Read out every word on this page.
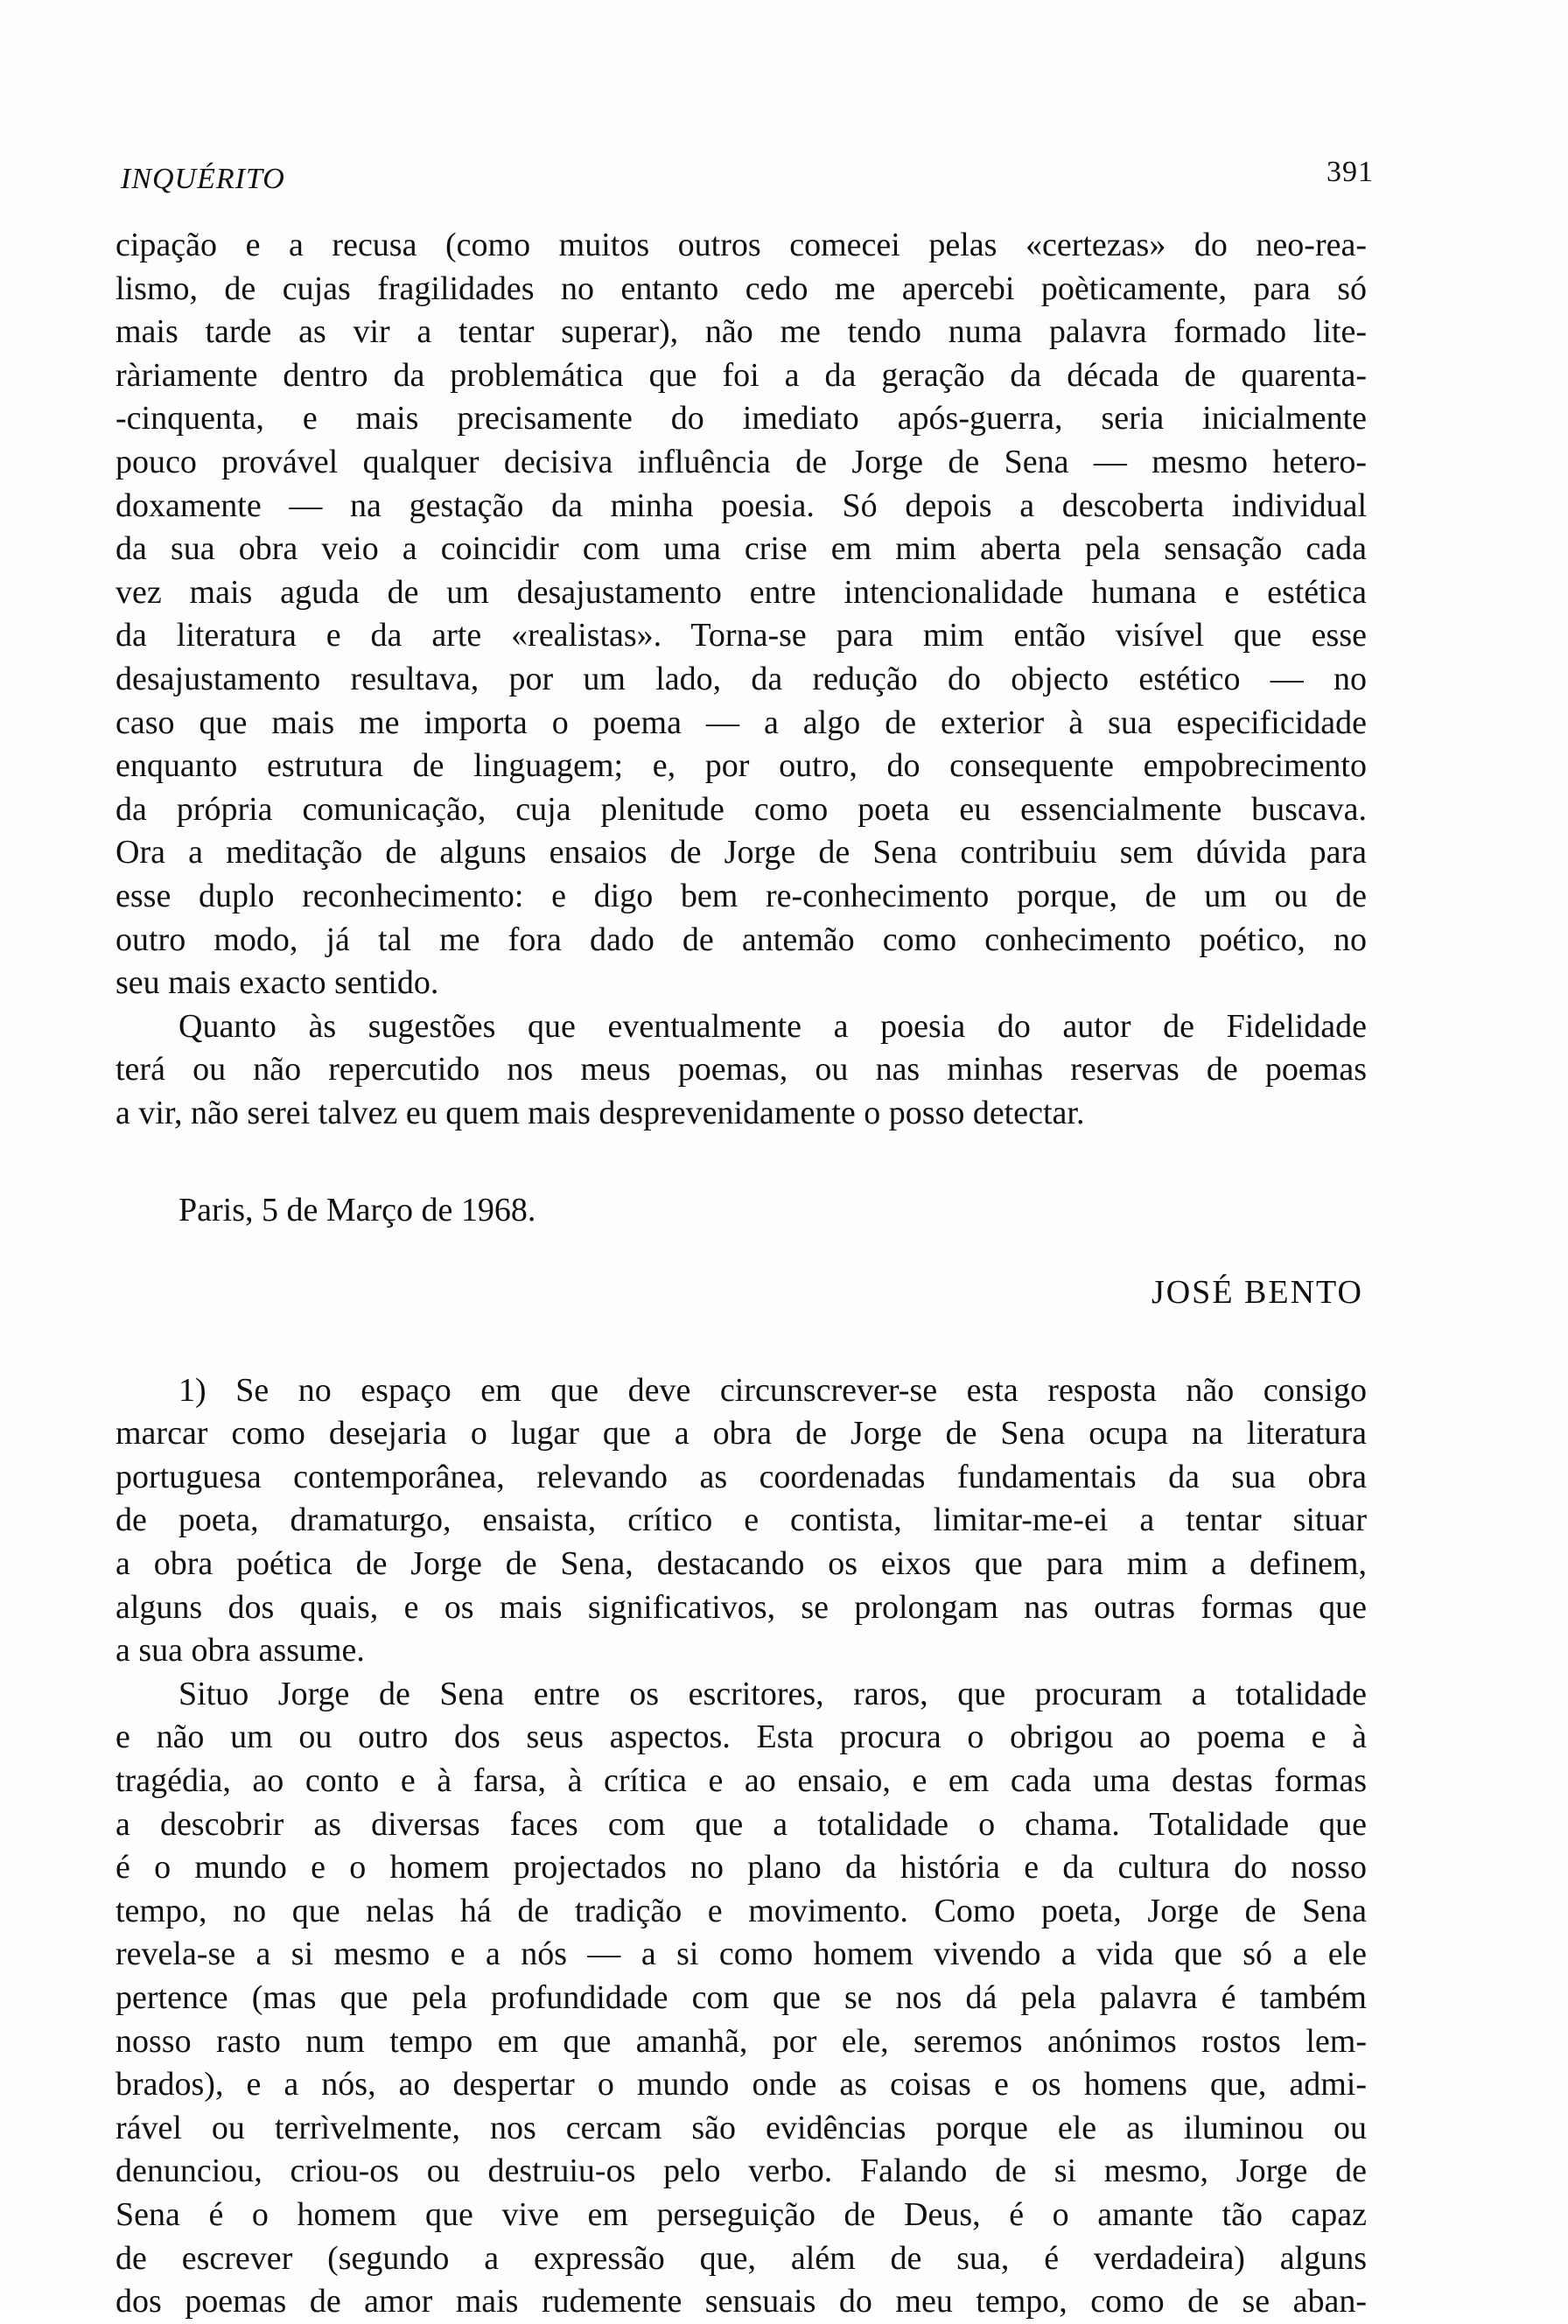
INQUÉRITO	391
cipação e a recusa (como muitos outros comecei pelas «certezas» do neo-rea-
lismo, de cujas fragilidades no entanto cedo me apercebi poèticamente, para só
mais tarde as vir a tentar superar), não me tendo numa palavra formado lite-
ràriamente dentro da problemática que foi a da geração da década de quarenta-
-cinquenta, e mais precisamente do imediato após-guerra, seria inicialmente
pouco provável qualquer decisiva influência de Jorge de Sena — mesmo hetero-
doxamente — na gestação da minha poesia. Só depois a descoberta individual
da sua obra veio a coincidir com uma crise em mim aberta pela sensação cada
vez mais aguda de um desajustamento entre intencionalidade humana e estética
da literatura e da arte «realistas». Torna-se para mim então visível que esse
desajustamento resultava, por um lado, da redução do objecto estético — no
caso que mais me importa o poema — a algo de exterior à sua especificidade
enquanto estrutura de linguagem; e, por outro, do consequente empobrecimento
da própria comunicação, cuja plenitude como poeta eu essencialmente buscava.
Ora a meditação de alguns ensaios de Jorge de Sena contribuiu sem dúvida para
esse duplo reconhecimento: e digo bem re-conhecimento porque, de um ou de
outro modo, já tal me fora dado de antemão como conhecimento poético, no
seu mais exacto sentido.
Quanto às sugestões que eventualmente a poesia do autor de Fidelidade
terá ou não repercutido nos meus poemas, ou nas minhas reservas de poemas
a vir, não serei talvez eu quem mais desprevenidamente o posso detectar.
Paris, 5 de Março de 1968.
JOSÉ BENTO
1) Se no espaço em que deve circunscrever-se esta resposta não consigo
marcar como desejaria o lugar que a obra de Jorge de Sena ocupa na literatura
portuguesa contemporânea, relevando as coordenadas fundamentais da sua obra
de poeta, dramaturgo, ensaista, crítico e contista, limitar-me-ei a tentar situar
a obra poética de Jorge de Sena, destacando os eixos que para mim a definem,
alguns dos quais, e os mais significativos, se prolongam nas outras formas que
a sua obra assume.
Situo Jorge de Sena entre os escritores, raros, que procuram a totalidade
e não um ou outro dos seus aspectos. Esta procura o obrigou ao poema e à
tragédia, ao conto e à farsa, à crítica e ao ensaio, e em cada uma destas formas
a descobrir as diversas faces com que a totalidade o chama. Totalidade que
é o mundo e o homem projectados no plano da história e da cultura do nosso
tempo, no que nelas há de tradição e movimento. Como poeta, Jorge de Sena
revela-se a si mesmo e a nós — a si como homem vivendo a vida que só a ele
pertence (mas que pela profundidade com que se nos dá pela palavra é também
nosso rasto num tempo em que amanhã, por ele, seremos anónimos rostos lem-
brados), e a nós, ao despertar o mundo onde as coisas e os homens que, admi-
rável ou terrìvelmente, nos cercam são evidências porque ele as iluminou ou
denunciou, criou-os ou destruiu-os pelo verbo. Falando de si mesmo, Jorge de
Sena é o homem que vive em perseguição de Deus, é o amante tão capaz
de escrever (segundo a expressão que, além de sua, é verdadeira) alguns
dos poemas de amor mais rudemente sensuais do meu tempo, como de se aban-
